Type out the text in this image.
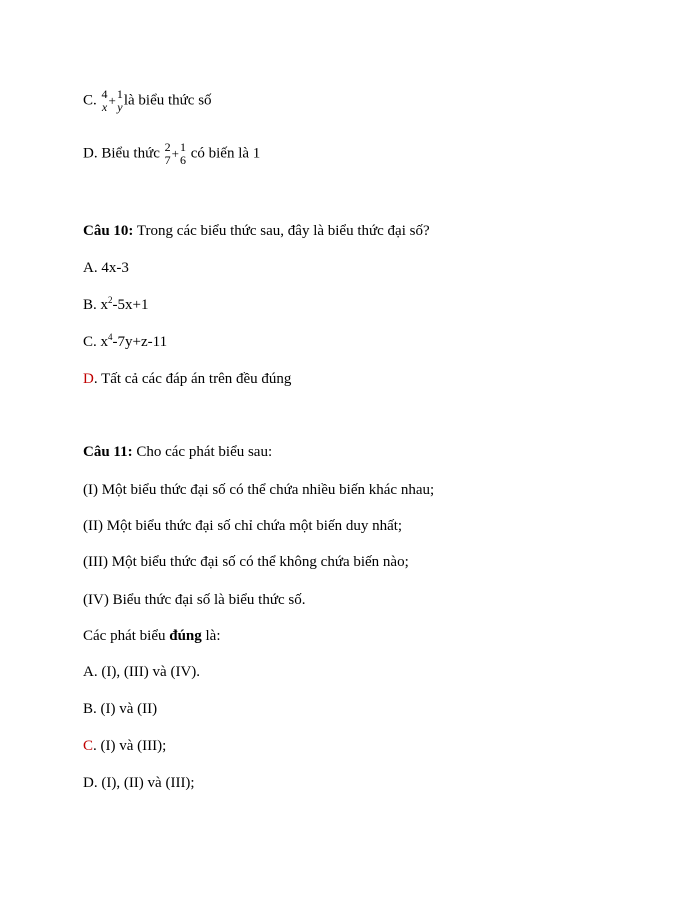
C. 4
x + 1
y là biểu thức số
D. Biểu thức 2
7 + 1
6 có biến là 1
Câu 10: Trong các biểu thức sau, đây là biểu thức đại số?
A. 4x-3
B. $x^2-5x+1$
C. $x^4-7y+z-11$
D. Tất cả các đáp án trên đều đúng
Câu 11: Cho các phát biểu sau:
(I) Một biểu thức đại số có thể chứa nhiều biến khác nhau;
(II) Một biểu thức đại số chỉ chứa một biến duy nhất;
(III) Một biểu thức đại số có thể không chứa biến nào;
(IV) Biểu thức đại số là biểu thức số.
Các phát biểu đúng là:
A. (I), (III) và (IV).
B. (I) và (II)
C. (I) và (III);
D. (I), (II) và (III);
